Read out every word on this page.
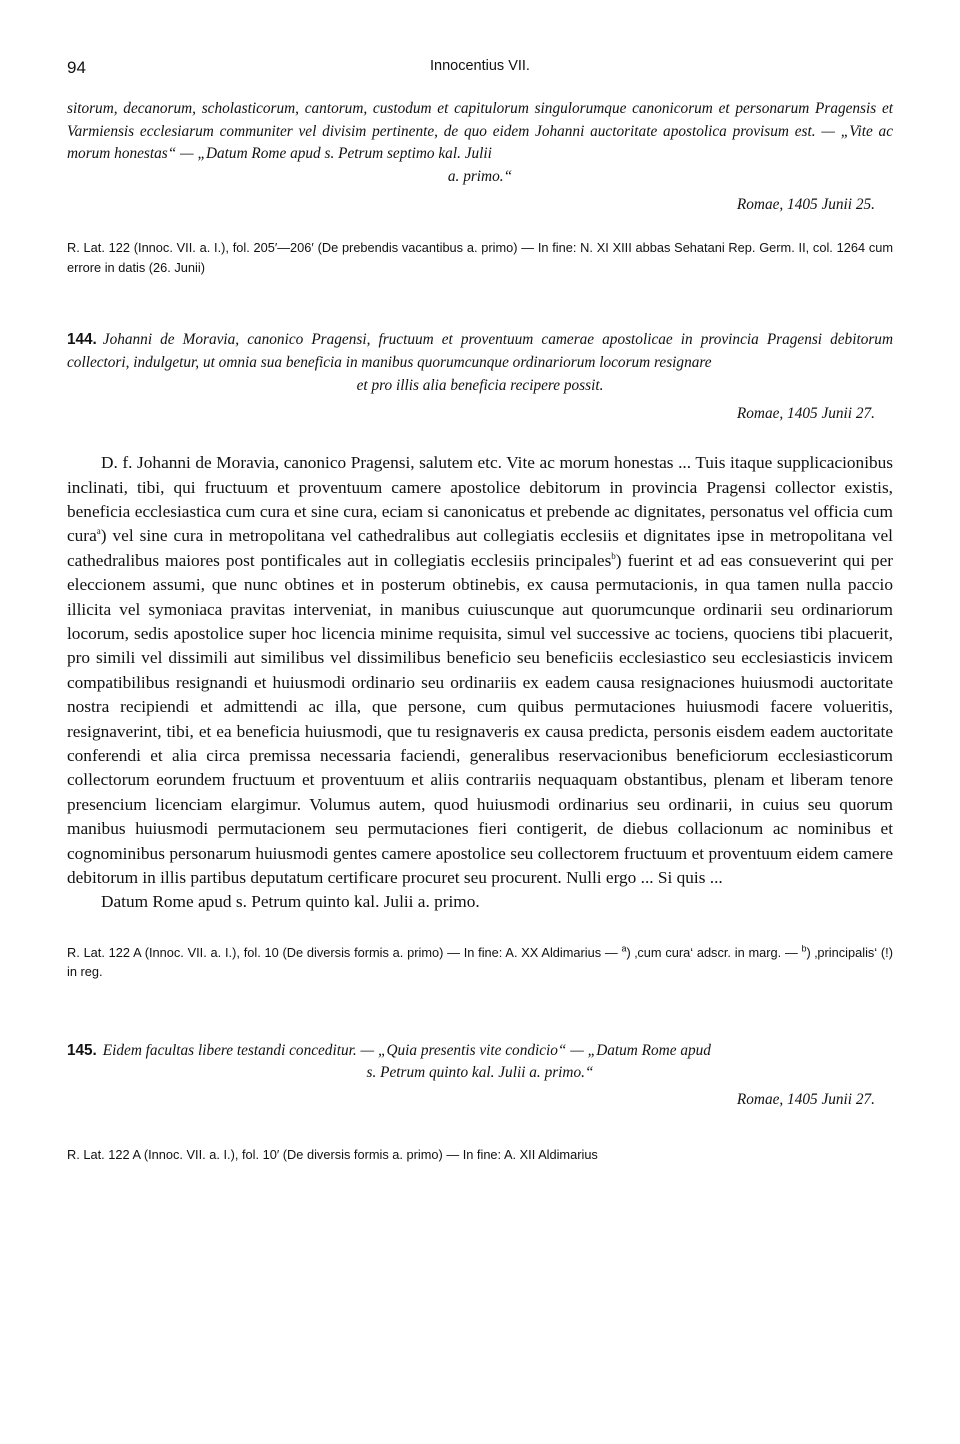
94	Innocentius VII.
sitorum, decanorum, scholasticorum, cantorum, custodum et capitulorum singulorumque canonicorum et personarum Pragensis et Varmiensis ecclesiarum communiter vel divisim pertinente, de quo eidem Johanni auctoritate apostolica provisum est. — „Vite ac morum honestas“ — „Datum Rome apud s. Petrum septimo kal. Julii
a. primo.“
Romae, 1405 Junii 25.
R. Lat. 122 (Innoc. VII. a. I.), fol. 205′—206′ (De prebendis vacantibus a. primo) — In fine: N. XI XIII abbas Sehatani Rep. Germ. II, col. 1264 cum errore in datis (26. Junii)
144. Johanni de Moravia, canonico Pragensi, fructuum et proventuum camerae apostolicae in provincia Pragensi debitorum collectori, indulgetur, ut omnia sua beneficia in manibus quorumcunque ordinariorum locorum resignare
et pro illis alia beneficia recipere possit.
Romae, 1405 Junii 27.

D. f. Johanni de Moravia, canonico Pragensi, salutem etc. Vite ac morum honestas ... Tuis itaque supplicacionibus inclinati, tibi, qui fructuum et proventuum camere apostolice debitorum in provincia Pragensi collector existis, beneficia ecclesiastica cum cura et sine cura, eciam si canonicatus et prebende ac dignitates, personatus vel officia cum cura$^a$) vel sine cura in metropolitana vel cathedralibus aut collegiatis ecclesiis et dignitates ipse in metropolitana vel cathedralibus maiores post pontificales aut in collegiatis ecclesiis principales$^b$) fuerint et ad eas consueverint qui per eleccionem assumi, que nunc obtines et in posterum obtinebis, ex causa permutacionis, in qua tamen nulla paccio illicita vel symoniaca pravitas interveniat, in manibus cuiuscunque aut quorumcunque ordinarii seu ordinariorum locorum, sedis apostolice super hoc licencia minime requisita, simul vel successive ac tociens, quociens tibi placuerit, pro simili vel dissimili aut similibus vel dissimilibus beneficio seu beneficiis ecclesiastico seu ecclesiasticis invicem compatibilibus resignandi et huiusmodi ordinario seu ordinariis ex eadem causa resignaciones huiusmodi auctoritate nostra recipiendi et admittendi ac illa, que persone, cum quibus permutaciones huiusmodi facere volueritis, resignaverint, tibi, et ea beneficia huiusmodi, que tu resignaveris ex causa predicta, personis eisdem eadem auctoritate conferendi et alia circa premissa necessaria faciendi, generalibus reservacionibus beneficiorum ecclesiasticorum collectorum eorundem fructuum et proventuum et aliis contrariis nequaquam obstantibus, plenam et liberam tenore presencium licenciam elargimur. Volumus autem, quod huiusmodi ordinarius seu ordinarii, in cuius seu quorum manibus huiusmodi permutacionem seu permutaciones fieri contigerit, de diebus collacionum ac nominibus et cognominibus personarum huiusmodi gentes camere apostolice seu collectorem fructuum et proventuum eidem camere debitorum in illis partibus deputatum certificare procuret seu procurent. Nulli ergo ... Si quis ...

Datum Rome apud s. Petrum quinto kal. Julii a. primo.

R. Lat. 122 A (Innoc. VII. a. I.), fol. 10 (De diversis formis a. primo) — In fine: A. XX Aldimarius — $^a$) ‚cum cura‘ adscr. in marg. — $^b$) ‚principalis‘ (!) in reg.
145. Eidem facultas libere testandi conceditur. — „Quia presentis vite condicio“ — „Datum Rome apud
s. Petrum quinto kal. Julii a. primo.“
Romae, 1405 Junii 27.
R. Lat. 122 A (Innoc. VII. a. I.), fol. 10′ (De diversis formis a. primo) — In fine: A. XII Aldimarius
